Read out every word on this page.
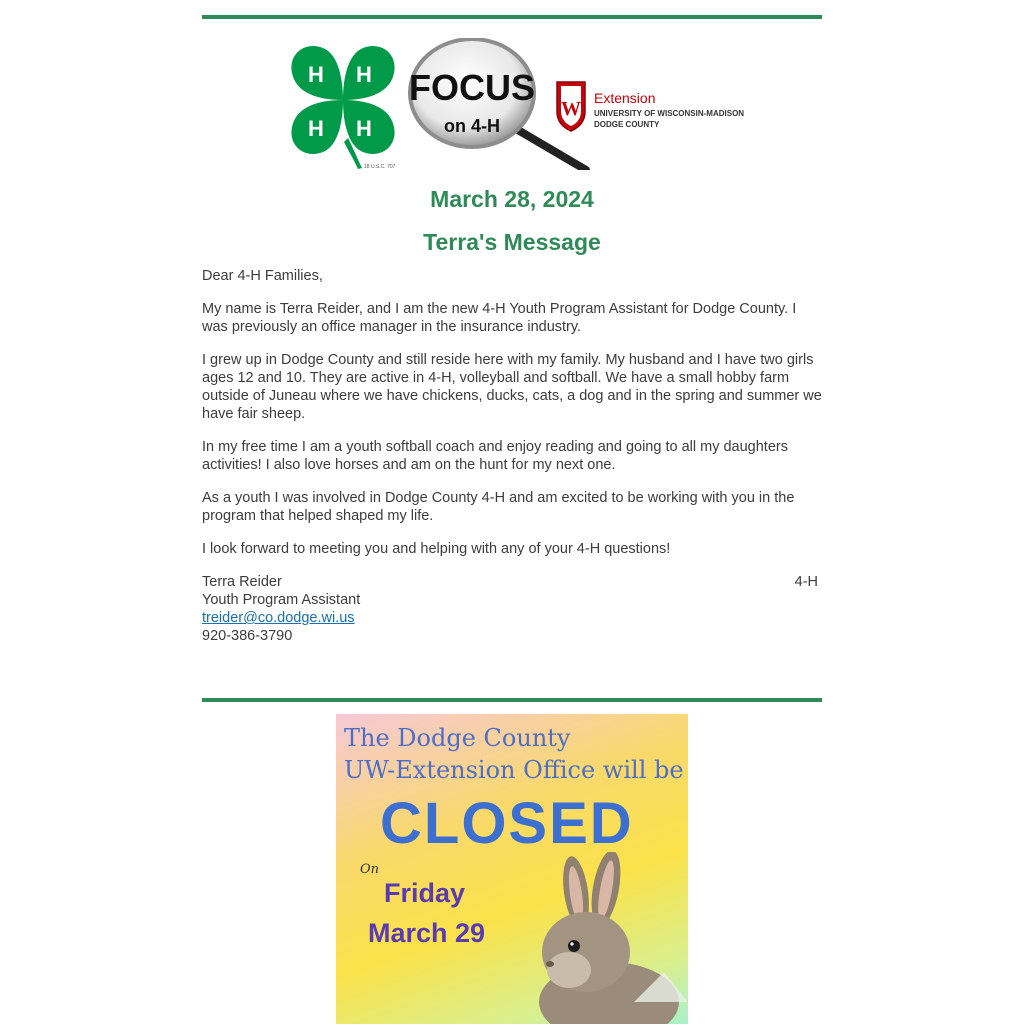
H H
H
H
18 U.S.C. 707
FOCUS
on 4-H
W Extension
UNIVERSITY OF WISCONSIN-MADISON
DODGE COUNTY
March 28, 2024
Terra's Message

Dear 4-H Families,

My name is Terra Reider, and I am the new 4-H Youth Program Assistant for Dodge County. I was previously an office manager in the insurance industry.

I grew up in Dodge County and still reside here with my family. My husband and I have two girls ages 12 and 10. They are active in 4-H, volleyball and softball. We have a small hobby farm outside of Juneau where we have chickens, ducks, cats, a dog and in the spring and summer we have fair sheep.

In my free time I am a youth softball coach and enjoy reading and going to all my daughters activities! I also love horses and am on the hunt for my next one.

As a youth I was involved in Dodge County 4-H and am excited to be working with you in the program that helped shaped my life.

I look forward to meeting you and helping with any of your 4-H questions!

Terra Reider
Youth Program Assistant
treider@co.dodge.wi.us
920-386-3790
4-H
The Dodge County
UW-Extension Office will be
CLOSED
On
Friday
March 29
